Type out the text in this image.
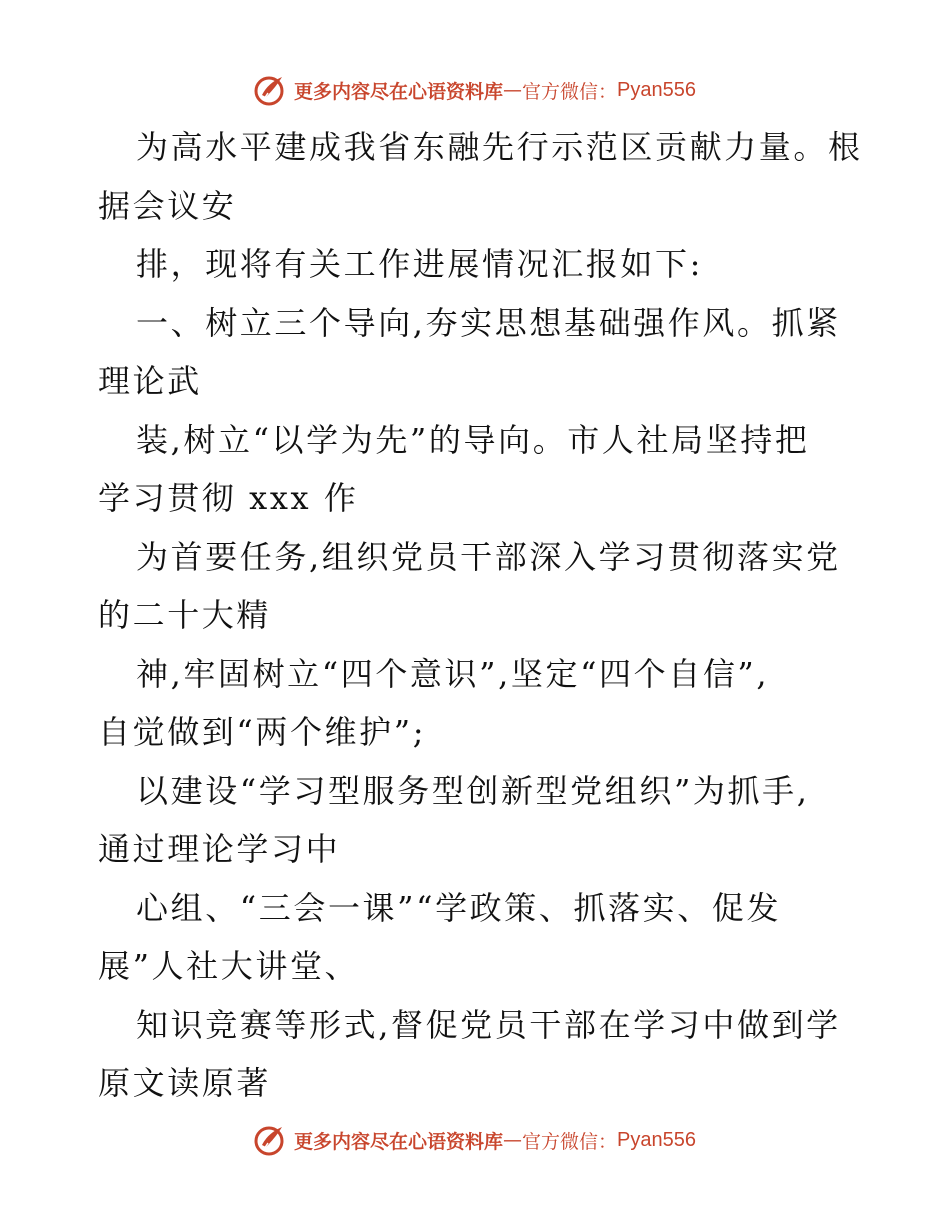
更多内容尽在心语资料库 — 官方微信： Pyan556
为高水平建成我省东融先行示范区贡献力量。根
据会议安
排，现将有关工作进展情况汇报如下:
一、树立三个导向,夯实思想基础强作风。抓紧
理论武
装,树立“以学为先”的导向。市人社局坚持把
学习贯彻 xxx 作
为首要任务,组织党员干部深入学习贯彻落实党
的二十大精
神,牢固树立“四个意识”,坚定“四个自信”,
自觉做到“两个维护”;
以建设“学习型服务型创新型党组织”为抓手,
通过理论学习中
心组、“三会一课”“学政策、抓落实、促发
展”人社大讲堂、
知识竞赛等形式,督促党员干部在学习中做到学
原文读原著
更多内容尽在心语资料库 — 官方微信： Pyan556
